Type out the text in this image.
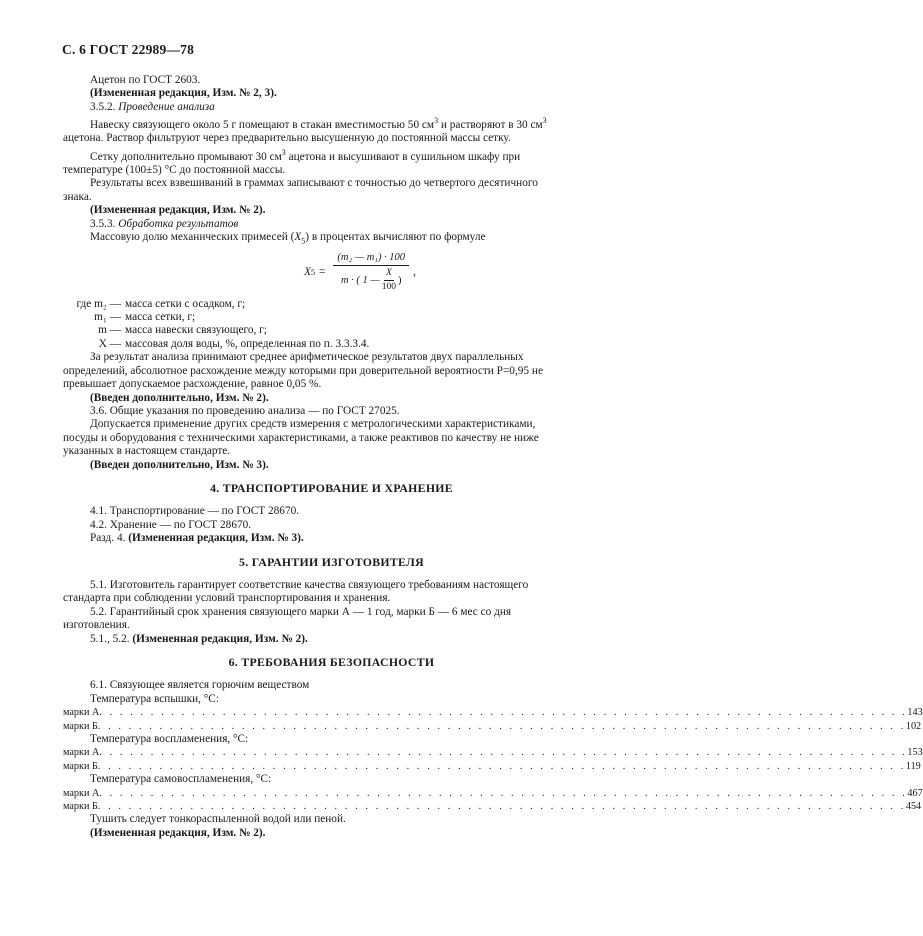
С. 6 ГОСТ 22989—78

Ацетон по ГОСТ 2603.

(Измененная редакция, Изм. № 2, 3).

3.5.2. Проведение анализа

Навеску связующего около 5 г помещают в стакан вместимостью 50 $см^3$ и растворяют в 30 $см^3$

ацетона. Раствор фильтруют через предварительно высушенную до постоянной массы сетку.

Сетку дополнительно промывают 30 $см^3$ ацетона и высушивают в сушильном шкафу при

температуре (100±5) °С до постоянной массы.

Результаты всех взвешиваний в граммах записывают с точностью до четвертого десятичного

знака.

(Измененная редакция, Изм. № 2).

3.5.3. Обработка результатов

Массовую долю механических примесей $(X_5)$ в процентах вычисляют по формуле

X 5 =
(m₂ — m₁) · 100
m · ( 1 —
X
100
)
,
где m₂ — масса сетки с осадком, г;
m₁ — масса сетки, г;
m — масса навески связующего, г;
X — массовая доля воды, %, определенная по п. 3.3.3.4.

За результат анализа принимают среднее арифметическое результатов двух параллельных

определений, абсолютное расхождение между которыми при доверительной вероятности P=0,95 не

превышает допускаемое расхождение, равное 0,05 %.

(Введен дополнительно, Изм. № 2).

3.6. Общие указания по проведению анализа — по ГОСТ 27025.

Допускается применение других средств измерения с метрологическими характеристиками,

посуды и оборудования с техническими характеристиками, а также реактивов по качеству не ниже

указанных в настоящем стандарте.

(Введен дополнительно, Изм. № 3).

4. ТРАНСПОРТИРОВАНИЕ И ХРАНЕНИЕ

4.1. Транспортирование — по ГОСТ 28670.

4.2. Хранение — по ГОСТ 28670.

Разд. 4. (Измененная редакция, Изм. № 3).

5. ГАРАНТИИ ИЗГОТОВИТЕЛЯ

5.1. Изготовитель гарантирует соответствие качества связующего требованиям настоящего

стандарта при соблюдении условий транспортирования и хранения.

5.2. Гарантийный срок хранения связующего марки А — 1 год, марки Б — 6 мес со дня

изготовления.

5.1., 5.2. (Измененная редакция, Изм. № 2).

6. ТРЕБОВАНИЯ БЕЗОПАСНОСТИ

6.1. Связующее является горючим веществом

Температура вспышки, °С:

марки А . . . . . . . . . . . . . . . . . . . . . . . . . . . . . . . . . . . . . . . . . . . . . . . . . . . . . . . . . . . . . . . . . . . . . . . . . . . . . . . 143
марки Б . . . . . . . . . . . . . . . . . . . . . . . . . . . . . . . . . . . . . . . . . . . . . . . . . . . . . . . . . . . . . . . . . . . . . . . . . . . . . . . 102

Температура воспламенения, °С:

марки А . . . . . . . . . . . . . . . . . . . . . . . . . . . . . . . . . . . . . . . . . . . . . . . . . . . . . . . . . . . . . . . . . . . . . . . . . . . . . . . 153
марки Б . . . . . . . . . . . . . . . . . . . . . . . . . . . . . . . . . . . . . . . . . . . . . . . . . . . . . . . . . . . . . . . . . . . . . . . . . . . . . . . 119

Температура самовоспламенения, °С:

марки А . . . . . . . . . . . . . . . . . . . . . . . . . . . . . . . . . . . . . . . . . . . . . . . . . . . . . . . . . . . . . . . . . . . . . . . . . . . . . . . 467
марки Б . . . . . . . . . . . . . . . . . . . . . . . . . . . . . . . . . . . . . . . . . . . . . . . . . . . . . . . . . . . . . . . . . . . . . . . . . . . . . . . 454

Тушить следует тонкораспыленной водой или пеной.

(Измененная редакция, Изм. № 2).
